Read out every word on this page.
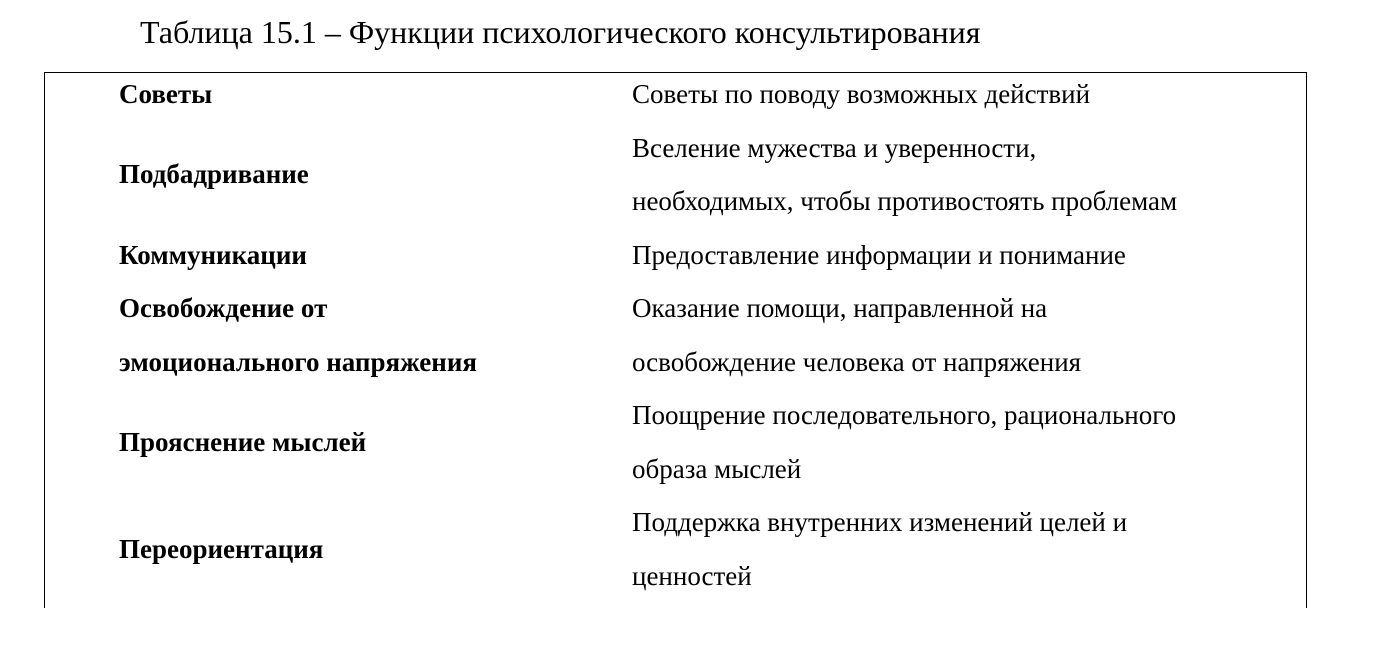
Таблица 15.1 – Функции психологического консультирования
Советы	Советы по поводу возможных действий
Подбадривание
Вселение мужества и уверенности,
необходимых, чтобы противостоять проблемам
Коммуникации	Предоставление информации и понимание
Освобождение от
эмоционального напряжения
Оказание помощи, направленной на
освобождение человека от напряжения
Прояснение мыслей
Поощрение последовательного, рационального
образа мыслей
Переориентация
Поддержка внутренних изменений целей и
ценностей
